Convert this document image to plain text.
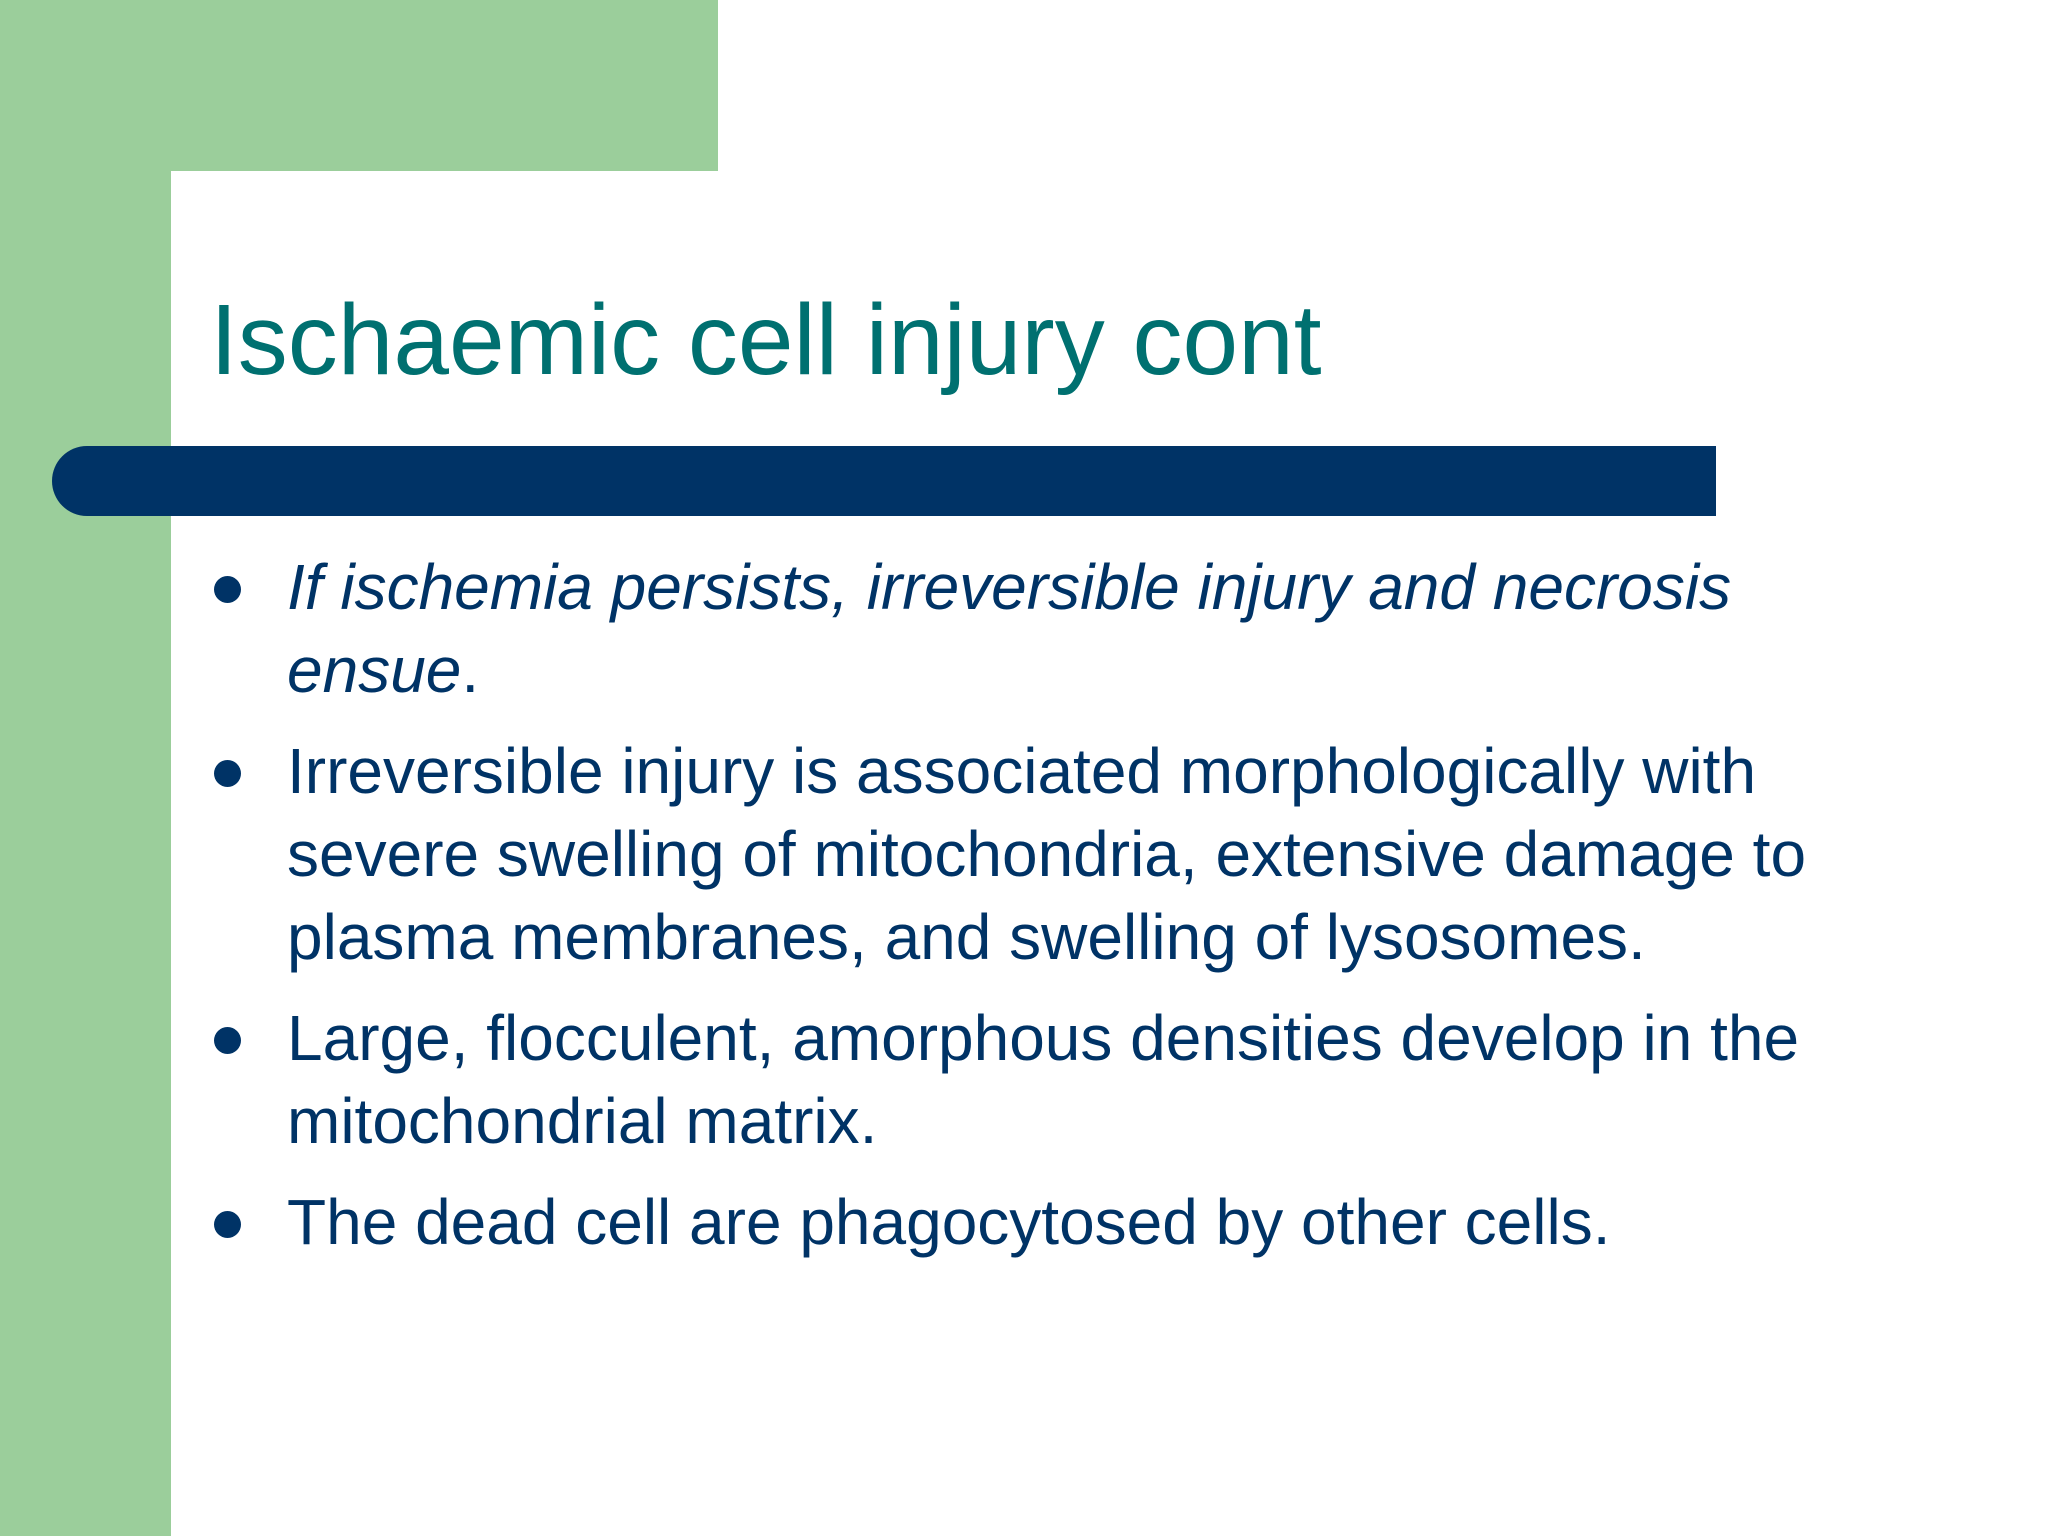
Ischaemic cell injury cont
If ischemia persists, irreversible injury and necrosis ensue.
Irreversible injury is associated morphologically with severe swelling of mitochondria, extensive damage to plasma membranes, and swelling of lysosomes.
Large, flocculent, amorphous densities develop in the mitochondrial matrix.
The dead cell are phagocytosed by other cells.
